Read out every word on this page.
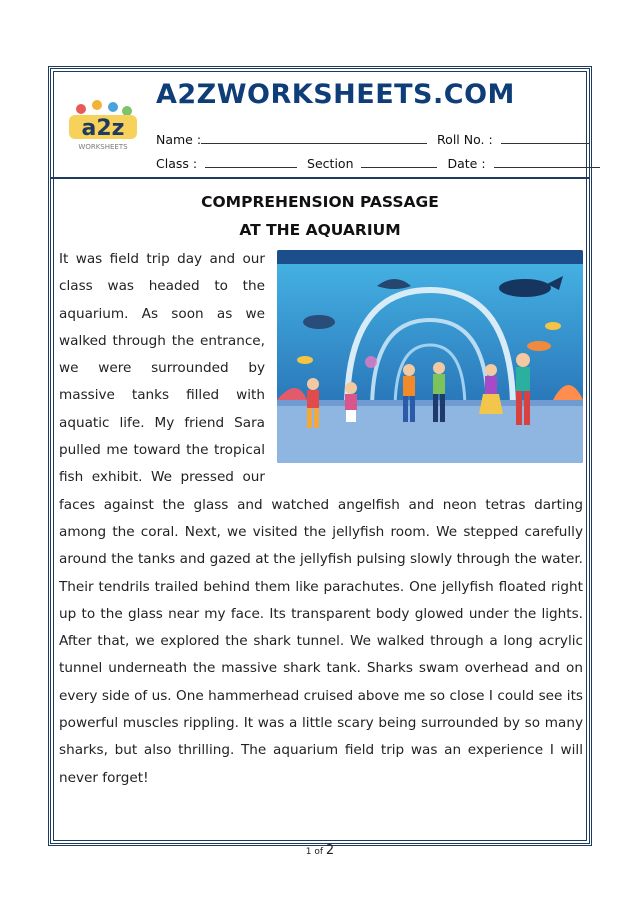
a2z
WORKSHEETS
A2ZWORKSHEETS.COM
Name :	Roll No. :
Class :	Section	Date :
COMPREHENSION PASSAGE
AT THE AQUARIUM
It was field trip day and our class was headed to the aquarium. As soon as we walked through the entrance, we were surrounded by massive tanks filled with aquatic life. My friend Sara pulled me toward the tropical fish exhibit. We pressed our faces against the glass and watched angelfish and neon tetras darting among the coral. Next, we visited the jellyfish room. We stepped carefully around the tanks and gazed at the jellyfish pulsing slowly through the water. Their tendrils trailed behind them like parachutes. One jellyfish floated right up to the glass near my face. Its transparent body glowed under the lights. After that, we explored the shark tunnel. We walked through a long acrylic tunnel underneath the massive shark tank. Sharks swam overhead and on every side of us. One hammerhead cruised above me so close I could see its powerful muscles rippling. It was a little scary being surrounded by so many sharks, but also thrilling. The aquarium field trip was an experience I will never forget!
1 of 2
